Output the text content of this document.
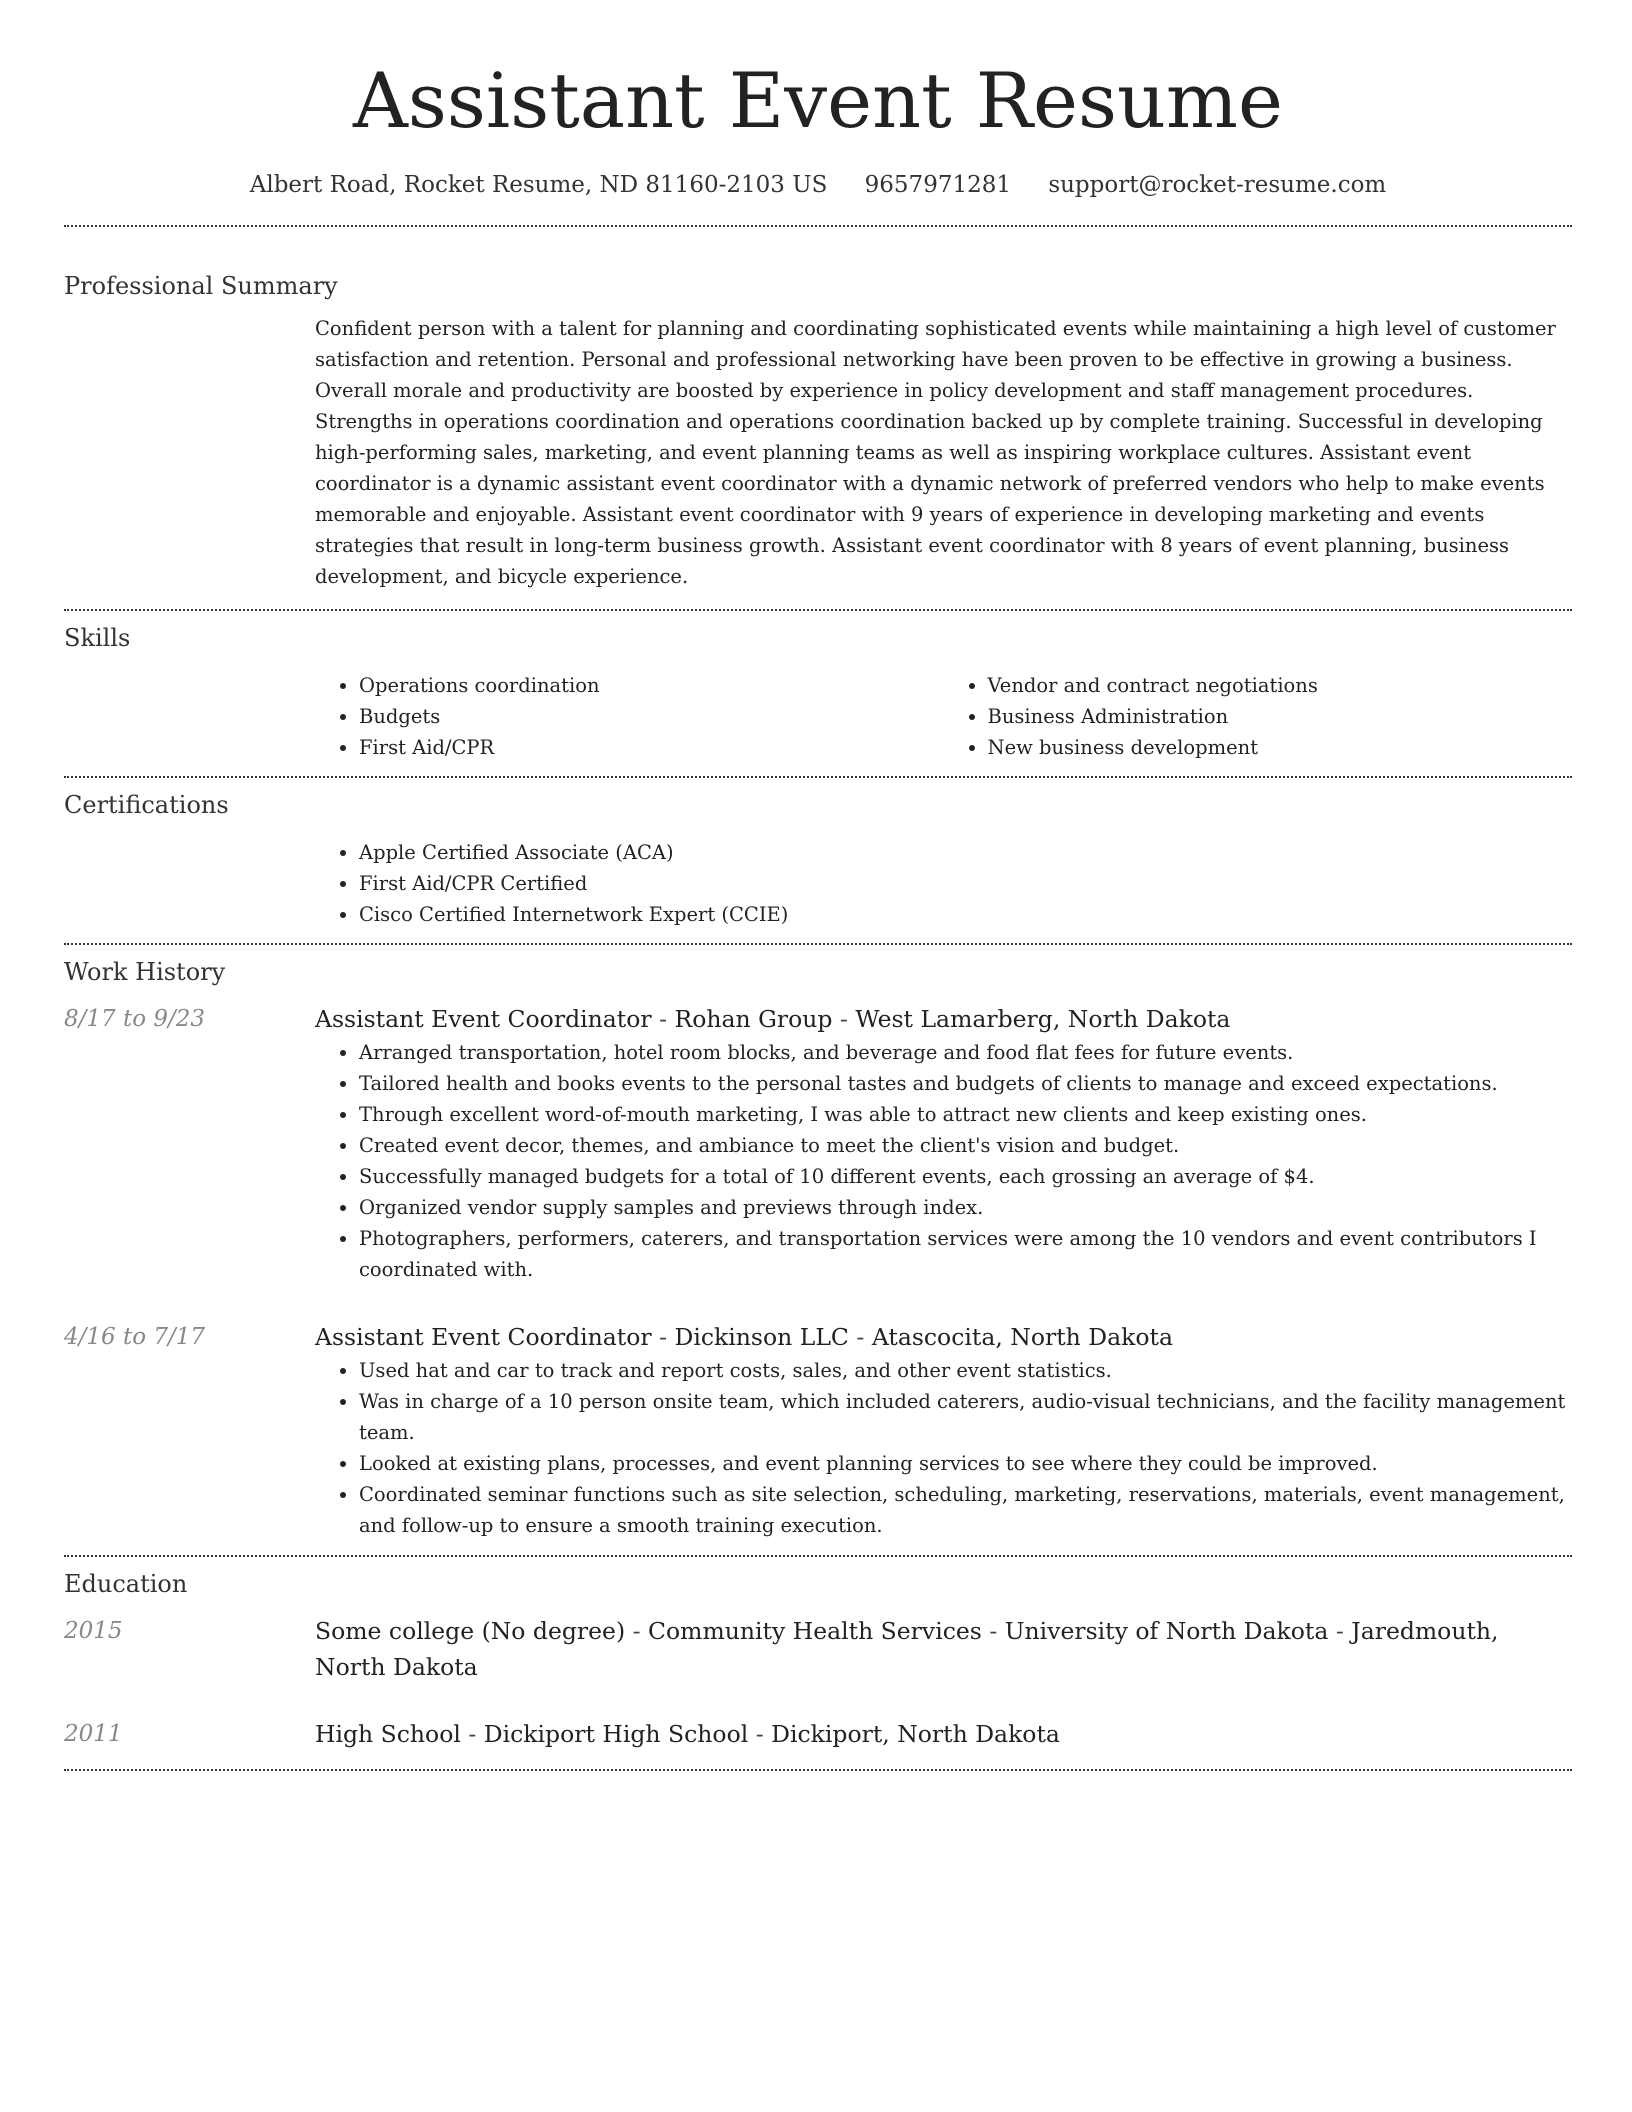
Assistant Event Resume
Albert Road, Rocket Resume, ND 81160-2103 US 9657971281 support@rocket-resume.com
Professional Summary

Confident person with a talent for planning and coordinating sophisticated events while maintaining a high level of customer satisfaction and retention. Personal and professional networking have been proven to be effective in growing a business. Overall morale and productivity are boosted by experience in policy development and staff management procedures. Strengths in operations coordination and operations coordination backed up by complete training. Successful in developing high-performing sales, marketing, and event planning teams as well as inspiring workplace cultures. Assistant event coordinator is a dynamic assistant event coordinator with a dynamic network of preferred vendors who help to make events memorable and enjoyable. Assistant event coordinator with 9 years of experience in developing marketing and events strategies that result in long-term business growth. Assistant event coordinator with 8 years of event planning, business development, and bicycle experience.

Skills
• Operations coordination
• Budgets
• First Aid/CPR
• Vendor and contract negotiations
• Business Administration
• New business development
Certifications
• Apple Certified Associate (ACA)
• First Aid/CPR Certified
• Cisco Certified Internetwork Expert (CCIE)
Work History
8/17 to 9/23	Assistant Event Coordinator - Rohan Group - West Lamarberg, North Dakota
• Arranged transportation, hotel room blocks, and beverage and food flat fees for future events.
• Tailored health and books events to the personal tastes and budgets of clients to manage and exceed expectations.
• Through excellent word-of-mouth marketing, I was able to attract new clients and keep existing ones.
• Created event decor, themes, and ambiance to meet the client's vision and budget.
• Successfully managed budgets for a total of 10 different events, each grossing an average of $4.
• Organized vendor supply samples and previews through index.
• Photographers, performers, caterers, and transportation services were among the 10 vendors and event contributors I coordinated with.
4/16 to 7/17	Assistant Event Coordinator - Dickinson LLC - Atascocita, North Dakota
• Used hat and car to track and report costs, sales, and other event statistics.
• Was in charge of a 10 person onsite team, which included caterers, audio-visual technicians, and the facility management team.
• Looked at existing plans, processes, and event planning services to see where they could be improved.
• Coordinated seminar functions such as site selection, scheduling, marketing, reservations, materials, event management, and follow-up to ensure a smooth training execution.
Education
2015	Some college (No degree) - Community Health Services - University of North Dakota - Jaredmouth, North Dakota
2011	High School - Dickiport High School - Dickiport, North Dakota
